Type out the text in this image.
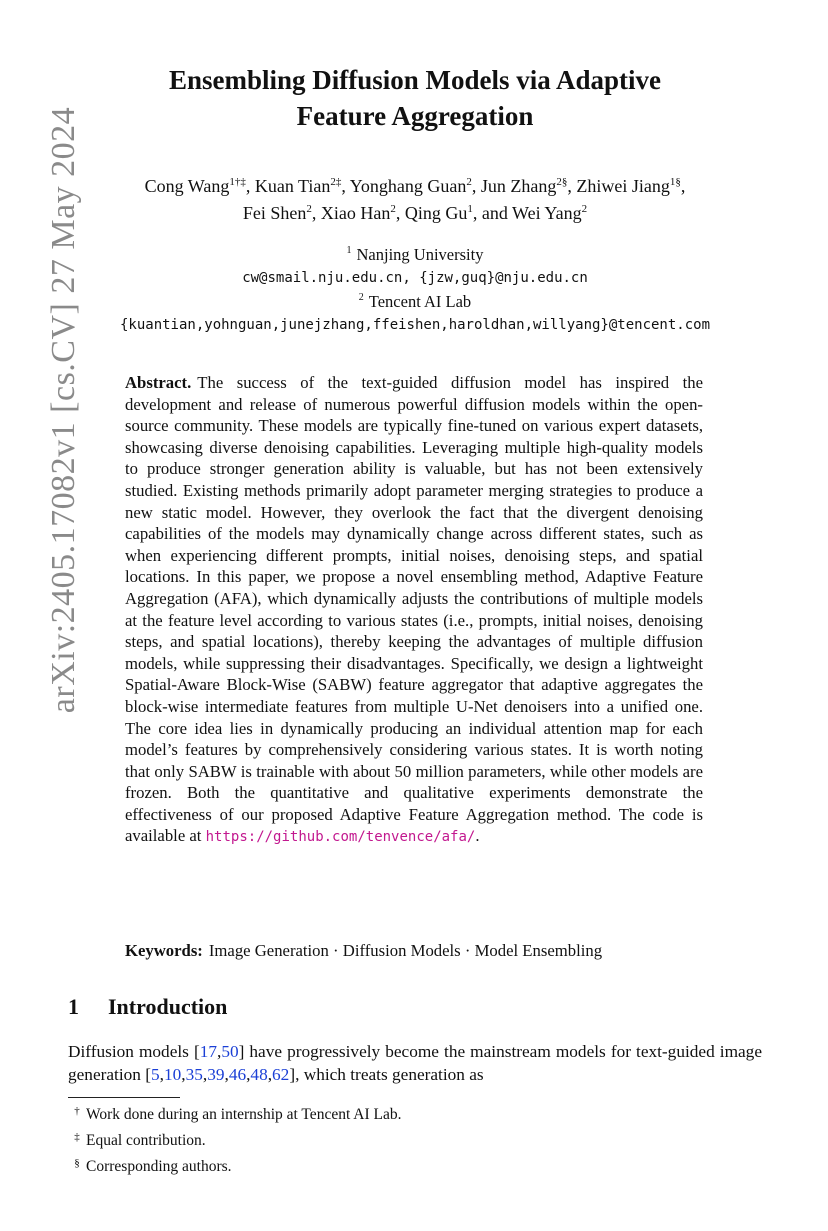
arXiv:2405.17082v1 [cs.CV] 27 May 2024
Ensembling Diffusion Models via Adaptive
Feature Aggregation
Cong Wang$^{1\dagger\ddagger}$, Kuan Tian$^{2\ddagger}$, Yonghang Guan$^2$, Jun Zhang$^{2\S}$, Zhiwei Jiang$^{1\S}$,
Fei Shen$^2$, Xiao Han$^2$, Qing Gu$^1$, and Wei Yang$^2$
$^1$ Nanjing University
cw@smail.nju.edu.cn, {jzw,guq}@nju.edu.cn
$^2$ Tencent AI Lab
{kuantian,yohnguan,junejzhang,ffeishen,haroldhan,willyang}@tencent.com
Abstract. The success of the text-guided diffusion model has inspired the development and release of numerous powerful diffusion models within the open-source community. These models are typically fine-tuned on various expert datasets, showcasing diverse denoising capabilities. Leveraging multiple high-quality models to produce stronger generation ability is valuable, but has not been extensively studied. Existing methods primarily adopt parameter merging strategies to produce a new static model. However, they overlook the fact that the divergent denoising capabilities of the models may dynamically change across different states, such as when experiencing different prompts, initial noises, denoising steps, and spatial locations. In this paper, we propose a novel ensembling method, Adaptive Feature Aggregation (AFA), which dynamically adjusts the contributions of multiple models at the feature level according to various states (i.e., prompts, initial noises, denoising steps, and spatial locations), thereby keeping the advantages of multiple diffusion models, while suppressing their disadvantages. Specifically, we design a lightweight Spatial-Aware Block-Wise (SABW) feature aggregator that adaptive aggregates the block-wise intermediate features from multiple U-Net denoisers into a unified one. The core idea lies in dynamically producing an individual attention map for each model’s features by comprehensively considering various states. It is worth noting that only SABW is trainable with about 50 million parameters, while other models are frozen. Both the quantitative and qualitative experiments demonstrate the effectiveness of our proposed Adaptive Feature Aggregation method. The code is available at https://github.com/tenvence/afa/.
Keywords: Image Generation · Diffusion Models · Model Ensembling
1 Introduction
Diffusion models [17,50] have progressively become the mainstream models for text-guided image generation [5,10,35,39,46,48,62], which treats generation as
† Work done during an internship at Tencent AI Lab.
‡ Equal contribution.
§ Corresponding authors.
